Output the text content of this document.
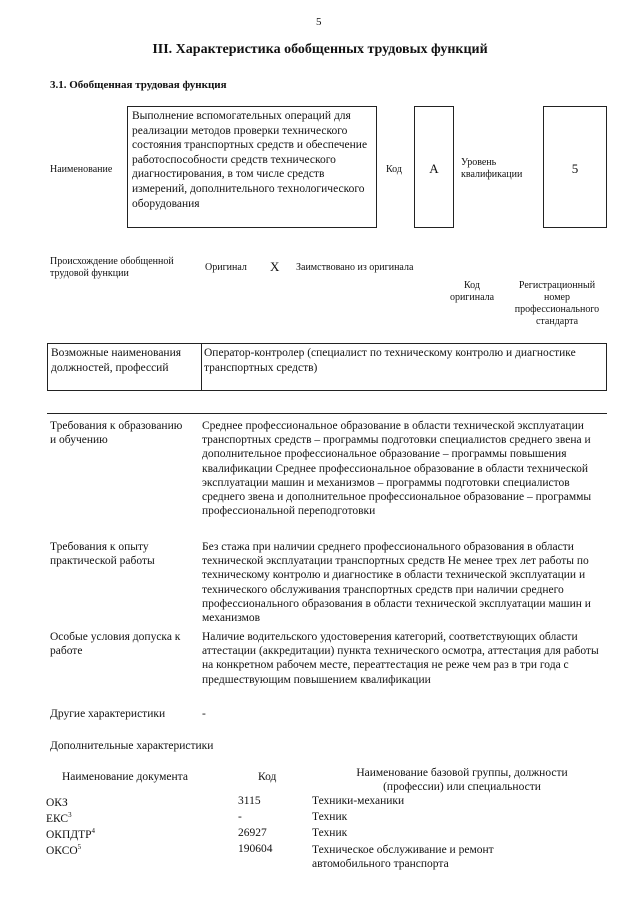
5
III. Характеристика обобщенных трудовых функций
3.1. Обобщенная трудовая функция
Наименование
Выполнение вспомогательных операций для реализации методов проверки технического состояния транспортных средств и обеспечение работоспособности средств технического диагностирования, в том числе средств измерений, дополнительного технологического оборудования
Код	А	Уровень квалификации	5
Происхождение обобщенной трудовой функции
Оригинал X Заимствовано из оригинала
Код оригинала
Регистрационный номер профессионального стандарта
Возможные наименования должностей, профессий
Оператор-контролер (специалист по техническому контролю и диагностике транспортных средств)
Требования к образованию и обучению
Среднее профессиональное образование в области технической эксплуатации транспортных средств – программы подготовки специалистов среднего звена и дополнительное профессиональное образование – программы повышения квалификации Среднее профессиональное образование в области технической эксплуатации машин и механизмов – программы подготовки специалистов среднего звена и дополнительное профессиональное образование – программы профессиональной переподготовки
Требования к опыту практической работы
Без стажа при наличии среднего профессионального образования в области технической эксплуатации транспортных средств Не менее трех лет работы по техническому контролю и диагностике в области технической эксплуатации и технического обслуживания транспортных средств при наличии среднего профессионального образования в области технической эксплуатации машин и механизмов
Особые условия допуска к работе
Наличие водительского удостоверения категорий, соответствующих области аттестации (аккредитации) пункта технического осмотра, аттестация для работы на конкретном рабочем месте, переаттестация не реже чем раз в три года с предшествующим повышением квалификации
Другие характеристики	-
Дополнительные характеристики
Наименование документа	Код	Наименование базовой группы, должности (профессии) или специальности
ОКЗ	3115	Техники-механики
ЕКС$^3$	-	Техник
ОКПДТР$^4$	26927	Техник
ОКСО$^5$	190604	Техническое обслуживание и ремонт автомобильного транспорта
